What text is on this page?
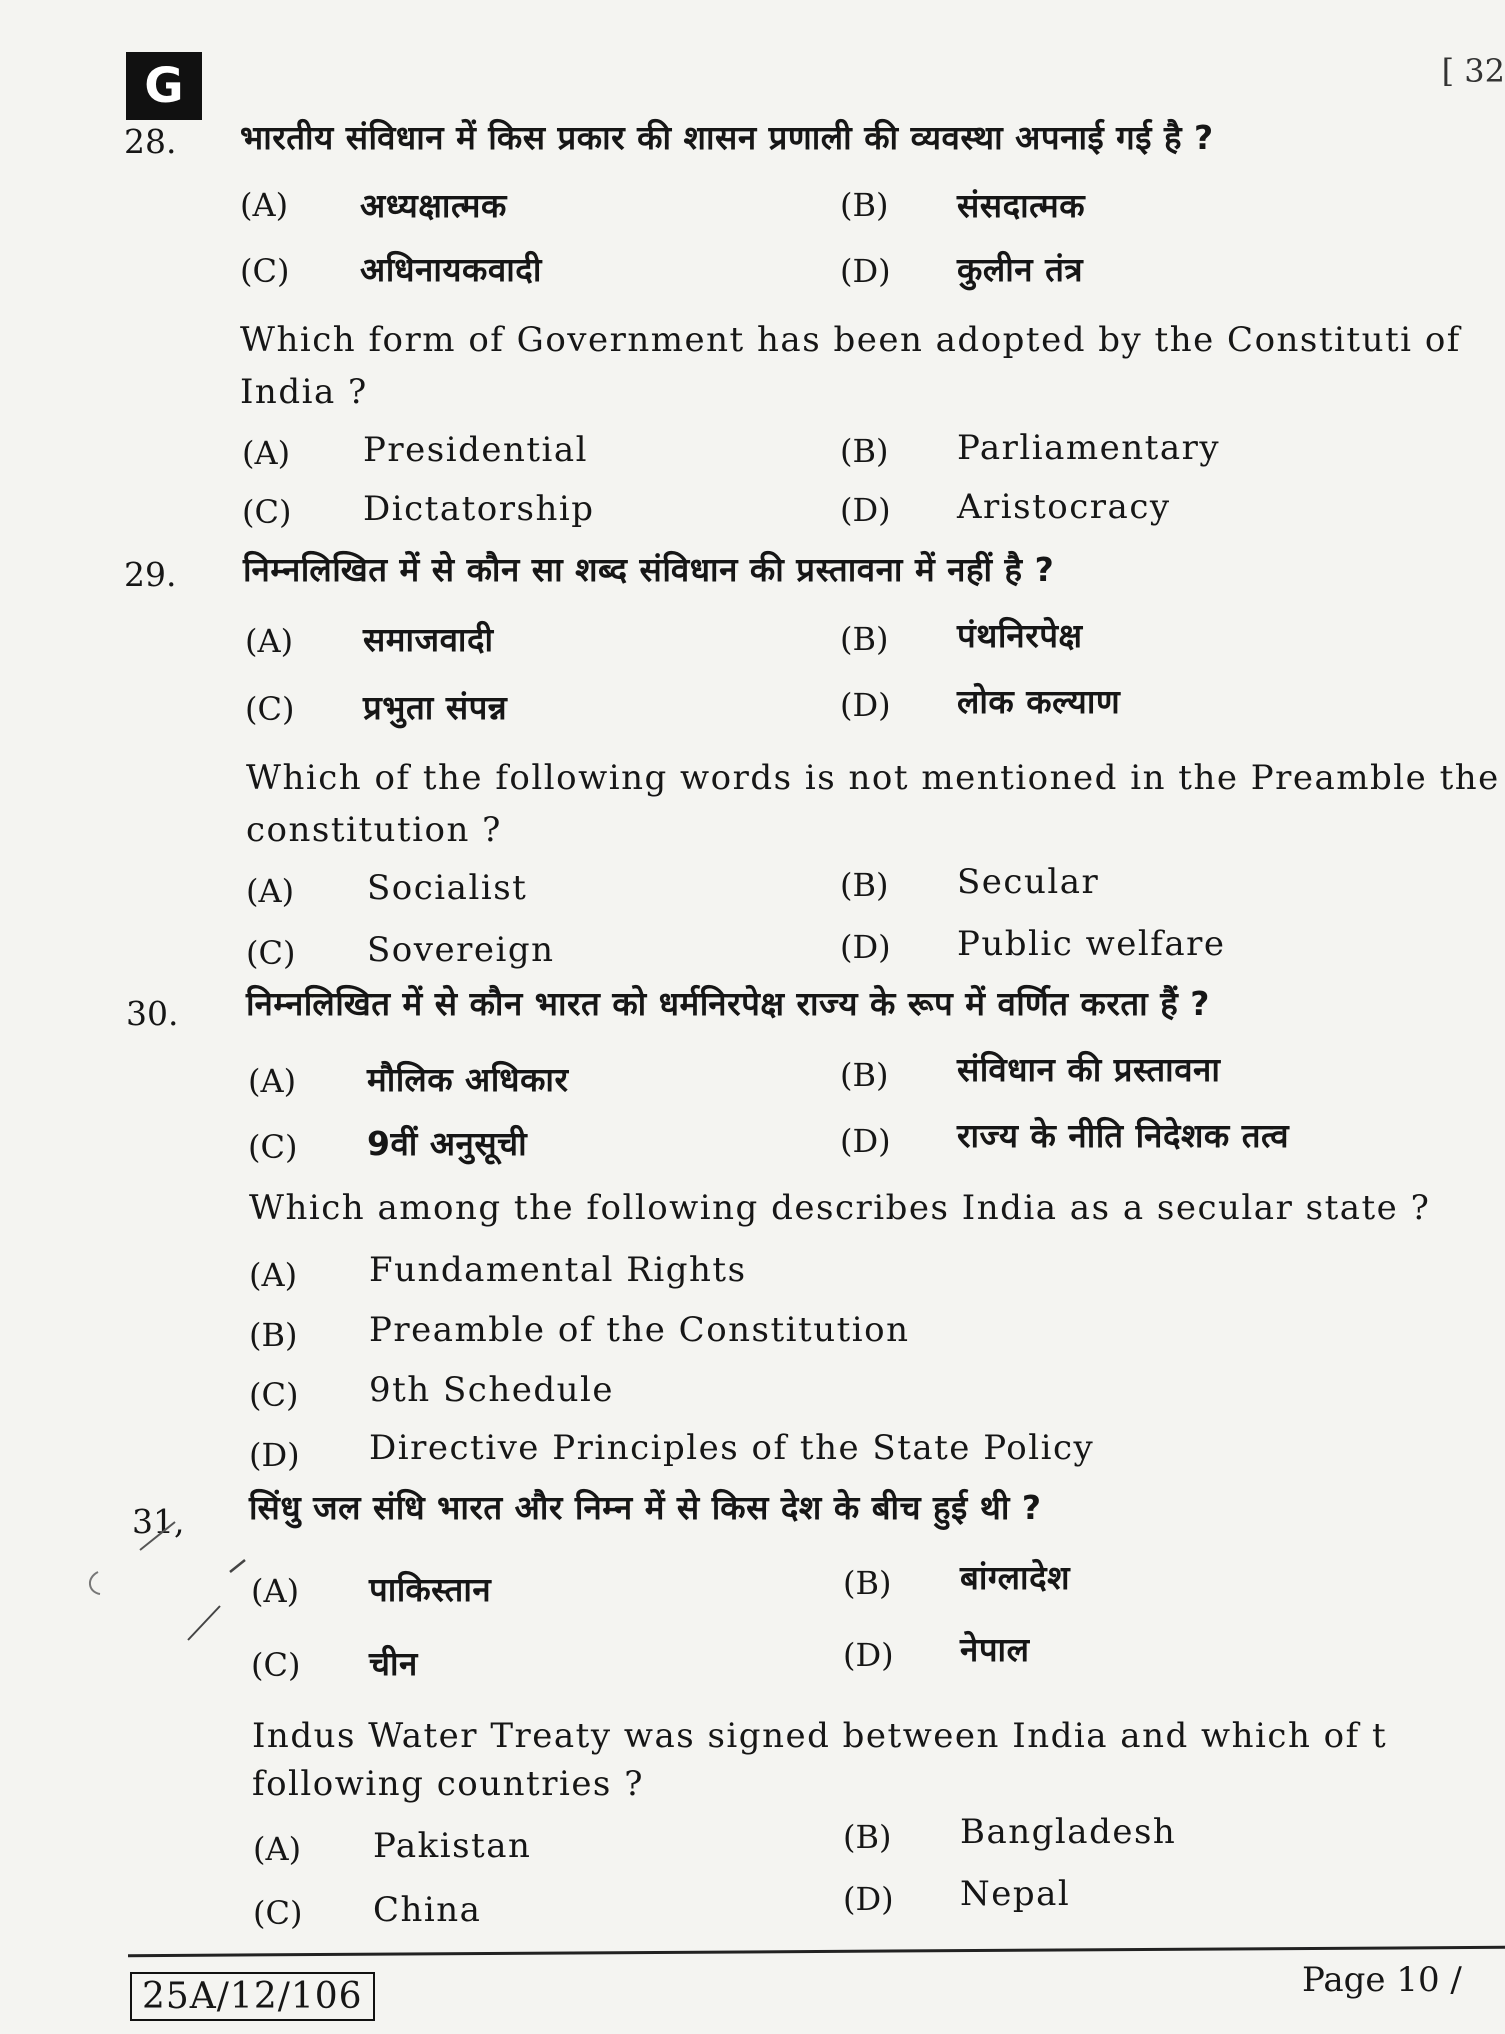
G	[ 32
28. भारतीय संविधान में किस प्रकार की शासन प्रणाली की व्यवस्था अपनाई गई है ?
(A) अध्यक्षात्मक	(B) संसदात्मक
(C) अधिनायकवादी	(D) कुलीन तंत्र
Which form of Government has been adopted by the Constituti of India ?
(A) Presidential	(B) Parliamentary
(C) Dictatorship	(D) Aristocracy
29. निम्नलिखित में से कौन सा शब्द संविधान की प्रस्तावना में नहीं है ?
(A) समाजवादी	(B) पंथनिरपेक्ष
(C) प्रभुता संपन्न	(D) लोक कल्याण
Which of the following words is not mentioned in the Preamble the constitution ?
(A) Socialist	(B) Secular
(C) Sovereign	(D) Public welfare
30. निम्नलिखित में से कौन भारत को धर्मनिरपेक्ष राज्य के रूप में वर्णित करता हैं ?
(A) मौलिक अधिकार	(B) संविधान की प्रस्तावना
(C) 9वीं अनुसूची	(D) राज्य के नीति निदेशक तत्व
Which among the following describes India as a secular state ?
(A) Fundamental Rights
(B) Preamble of the Constitution
(C) 9th Schedule
(D) Directive Principles of the State Policy
31, सिंधु जल संधि भारत और निम्न में से किस देश के बीच हुई थी ?
(A) पाकिस्तान	(B) बांग्लादेश
(C) चीन	(D) नेपाल
Indus Water Treaty was signed between India and which of t following countries ?
(A) Pakistan	(B) Bangladesh
(C) China	(D) Nepal
25A/12/106	Page 10 /
